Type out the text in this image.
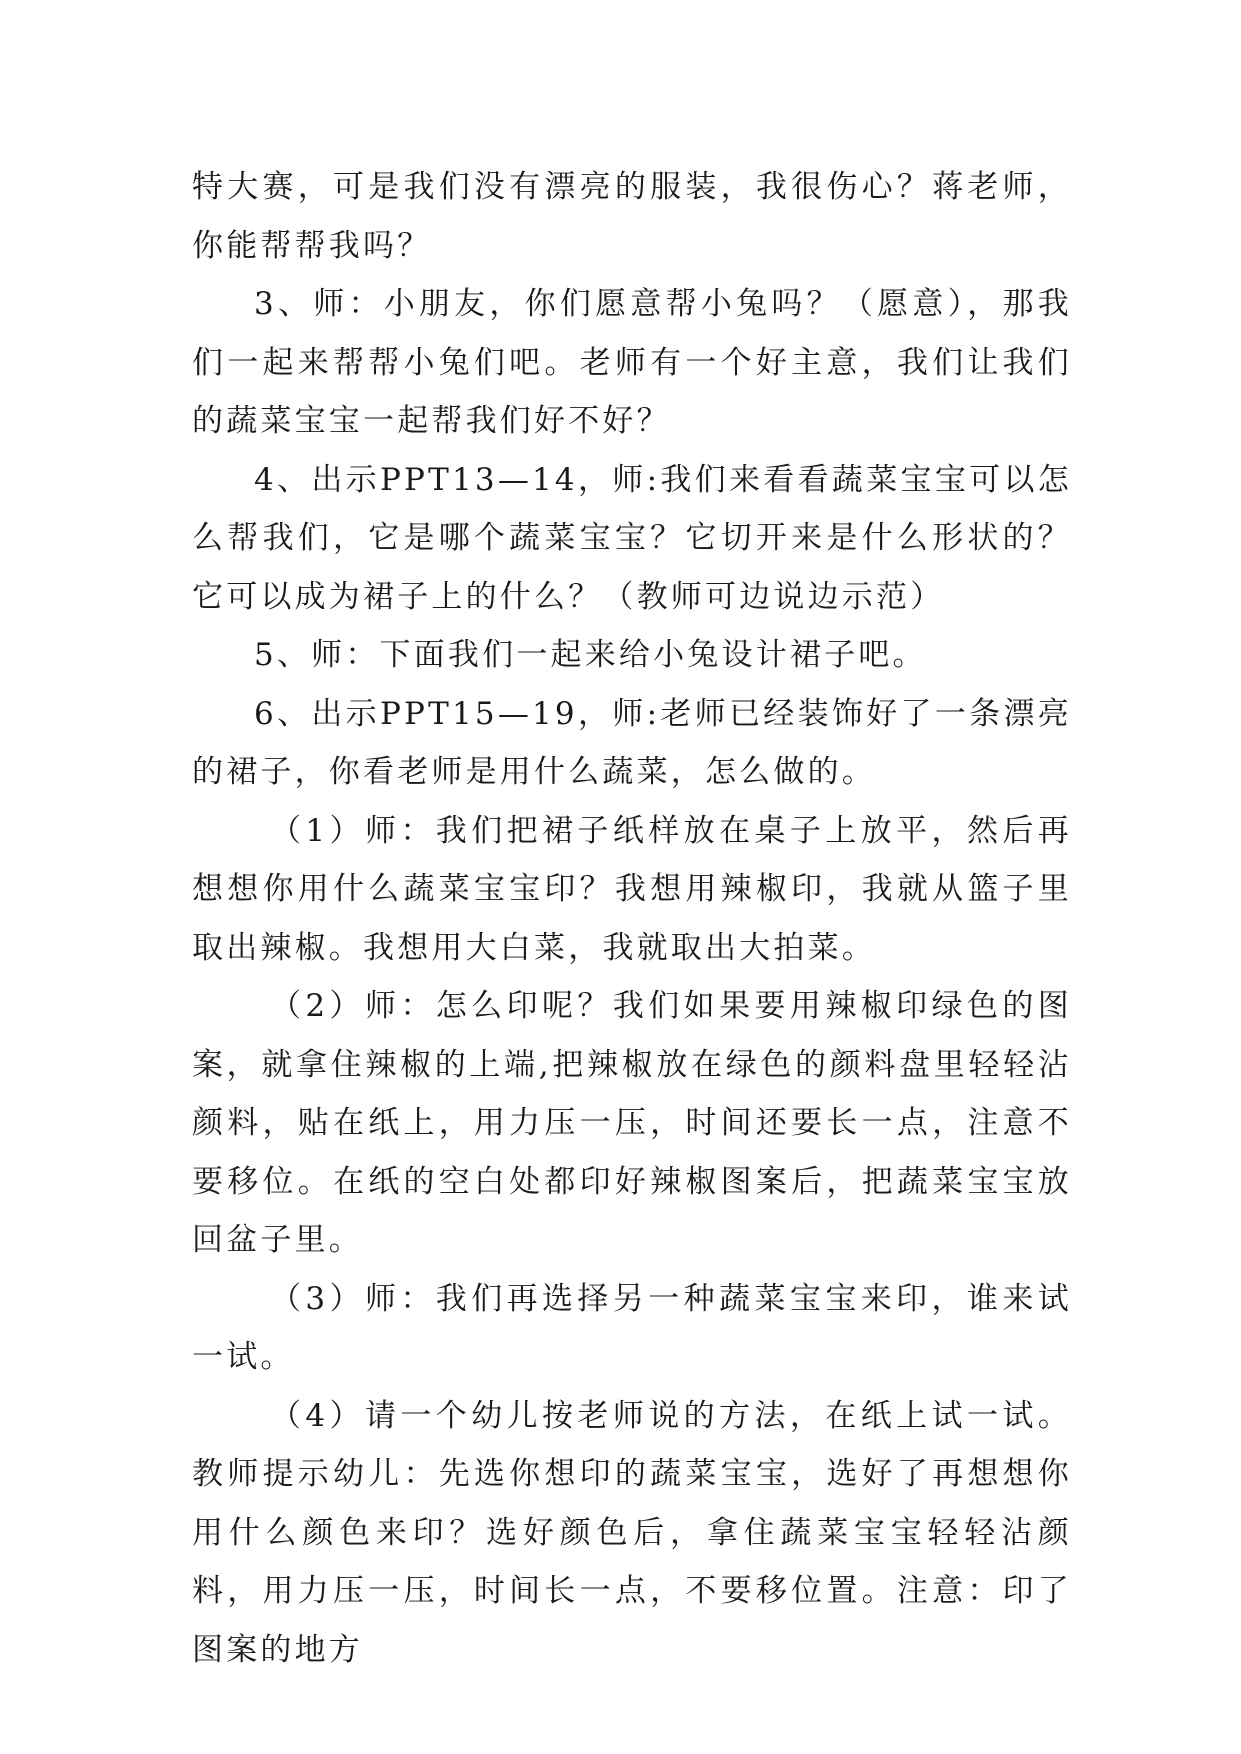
特大赛，可是我们没有漂亮的服装，我很伤心？蒋老师，你能帮帮我吗？

3、师：小朋友，你们愿意帮小兔吗？（愿意），那我们一起来帮帮小兔们吧。老师有一个好主意，我们让我们的蔬菜宝宝一起帮我们好不好？

4、出示PPT13—14，师:我们来看看蔬菜宝宝可以怎么帮我们，它是哪个蔬菜宝宝？它切开来是什么形状的？它可以成为裙子上的什么？（教师可边说边示范）

5、师：下面我们一起来给小兔设计裙子吧。

6、出示PPT15—19，师:老师已经装饰好了一条漂亮的裙子，你看老师是用什么蔬菜，怎么做的。

（1）师：我们把裙子纸样放在桌子上放平，然后再想想你用什么蔬菜宝宝印？我想用辣椒印，我就从篮子里取出辣椒。我想用大白菜，我就取出大拍菜。

（2）师：怎么印呢？我们如果要用辣椒印绿色的图案，就拿住辣椒的上端,把辣椒放在绿色的颜料盘里轻轻沾颜料，贴在纸上，用力压一压，时间还要长一点，注意不要移位。在纸的空白处都印好辣椒图案后，把蔬菜宝宝放回盆子里。

（3）师：我们再选择另一种蔬菜宝宝来印，谁来试一试。

（4）请一个幼儿按老师说的方法，在纸上试一试。教师提示幼儿：先选你想印的蔬菜宝宝，选好了再想想你用什么颜色来印？选好颜色后，拿住蔬菜宝宝轻轻沾颜料，用力压一压，时间长一点，不要移位置。注意：印了图案的地方
